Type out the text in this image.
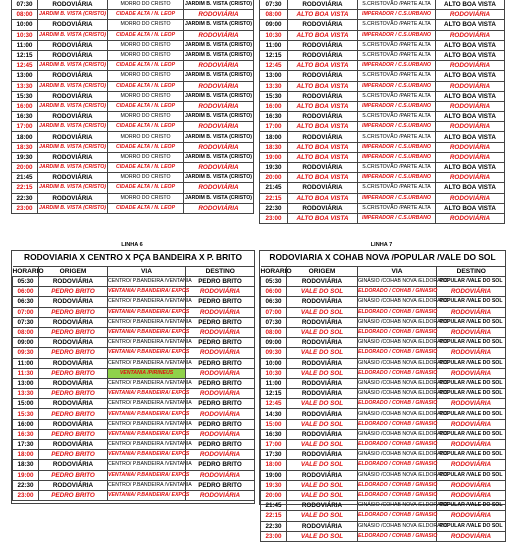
07:30	RODOVIÁRIA	MORRO DO CRISTO	JARDIM B. VISTA (CRISTO)
08:00	JARDIM B. VISTA (CRISTO)	CIDADE ALTA / N. LEOP	RODOVIÁRIA
10:00	RODOVIÁRIA	MORRO DO CRISTO	JARDIM B. VISTA (CRISTO)
10:30	JARDIM B. VISTA (CRISTO)	CIDADE ALTA / N. LEOP	RODOVIÁRIA
11:00	RODOVIÁRIA	MORRO DO CRISTO	JARDIM B. VISTA (CRISTO)
12:15	RODOVIÁRIA	MORRO DO CRISTO	JARDIM B. VISTA (CRISTO)
12:45	JARDIM B. VISTA (CRISTO)	CIDADE ALTA / N. LEOP	RODOVIÁRIA
13:00	RODOVIÁRIA	MORRO DO CRISTO	JARDIM B. VISTA (CRISTO)
13:30	JARDIM B. VISTA (CRISTO)	CIDADE ALTA / N. LEOP	RODOVIÁRIA
15:30	RODOVIÁRIA	MORRO DO CRISTO	JARDIM B. VISTA (CRISTO)
16:00	JARDIM B. VISTA (CRISTO)	CIDADE ALTA / N. LEOP	RODOVIÁRIA
16:30	RODOVIÁRIA	MORRO DO CRISTO	JARDIM B. VISTA (CRISTO)
17:00	JARDIM B. VISTA (CRISTO)	CIDADE ALTA / N. LEOP	RODOVIÁRIA
18:00	RODOVIÁRIA	MORRO DO CRISTO	JARDIM B. VISTA (CRISTO)
18:30	JARDIM B. VISTA (CRISTO)	CIDADE ALTA / N. LEOP	RODOVIÁRIA
19:30	RODOVIÁRIA	MORRO DO CRISTO	JARDIM B. VISTA (CRISTO)
20:00	JARDIM B. VISTA (CRISTO)	CIDADE ALTA / N. LEOP	RODOVIÁRIA
21:45	RODOVIÁRIA	MORRO DO CRISTO	JARDIM B. VISTA (CRISTO)
22:15	JARDIM B. VISTA (CRISTO)	CIDADE ALTA / N. LEOP	RODOVIÁRIA
22:30	RODOVIÁRIA	MORRO DO CRISTO	JARDIM B. VISTA (CRISTO)
23:00	JARDIM B. VISTA (CRISTO)	CIDADE ALTA / N. LEOP	RODOVIÁRIA
07:30	RODOVIÁRIA	S.CRISTOVÃO /PARTE ALTA	ALTO BOA VISTA
08:00	ALTO BOA VISTA	IMPERADOR / C.S.URBANO	RODOVIÁRIA
09:00	RODOVIÁRIA	S.CRISTOVÃO /PARTE ALTA	ALTO BOA VISTA
10:30	ALTO BOA VISTA	IMPERADOR / C.S.URBANO	RODOVIÁRIA
11:00	RODOVIÁRIA	S.CRISTOVÃO /PARTE ALTA	ALTO BOA VISTA
12:15	RODOVIÁRIA	S.CRISTOVÃO /PARTE ALTA	ALTO BOA VISTA
12:45	ALTO BOA VISTA	IMPERADOR / C.S.URBANO	RODOVIÁRIA
13:00	RODOVIÁRIA	S.CRISTOVÃO /PARTE ALTA	ALTO BOA VISTA
13:30	ALTO BOA VISTA	IMPERADOR / C.S.URBANO	RODOVIÁRIA
15:30	RODOVIÁRIA	S.CRISTOVÃO /PARTE ALTA	ALTO BOA VISTA
16:00	ALTO BOA VISTA	IMPERADOR / C.S.URBANO	RODOVIÁRIA
16:30	RODOVIÁRIA	S.CRISTOVÃO /PARTE ALTA	ALTO BOA VISTA
17:00	ALTO BOA VISTA	IMPERADOR / C.S.URBANO	RODOVIÁRIA
18:00	RODOVIÁRIA	S.CRISTOVÃO /PARTE ALTA	ALTO BOA VISTA
18:30	ALTO BOA VISTA	IMPERADOR / C.S.URBANO	RODOVIÁRIA
19:00	ALTO BOA VISTA	IMPERADOR / C.S.URBANO	RODOVIÁRIA
19:30	RODOVIÁRIA	S.CRISTOVÃO /PARTE ALTA	ALTO BOA VISTA
20:00	ALTO BOA VISTA	IMPERADOR / C.S.URBANO	RODOVIÁRIA
21:45	RODOVIÁRIA	S.CRISTOVÃO /PARTE ALTA	ALTO BOA VISTA
22:15	ALTO BOA VISTA	IMPERADOR / C.S.URBANO	RODOVIÁRIA
22:30	RODOVIÁRIA	S.CRISTOVÃO /PARTE ALTA	ALTO BOA VISTA
23:00	ALTO BOA VISTA	IMPERADOR / C.S.URBANO	RODOVIÁRIA
LINHA 6
RODOVIARIA X CENTRO X PÇA BANDEIRA X P. BRITO
HORARIO	ORIGEM	VIA	DESTINO
05:30	RODOVIÁRIA	CENTRO/ P.BANDEIRA /VENTANIA	PEDRO BRITO
06:00	PEDRO BRITO	VENTANIA/ P.BANDEIRA/ EXPOS	RODOVIÁRIA
06:30	RODOVIÁRIA	CENTRO/ P.BANDEIRA /VENTANIA	PEDRO BRITO
07:00	PEDRO BRITO	VENTANIA/ P.BANDEIRA/ EXPOS	RODOVIÁRIA
07:30	RODOVIÁRIA	CENTRO/ P.BANDEIRA /VENTANIA	PEDRO BRITO
08:00	PEDRO BRITO	VENTANIA/ P.BANDEIRA/ EXPOS	RODOVIÁRIA
09:00	RODOVIÁRIA	CENTRO/ P.BANDEIRA /VENTANIA	PEDRO BRITO
09:30	PEDRO BRITO	VENTANIA/ P.BANDEIRA/ EXPOS	RODOVIÁRIA
11:00	RODOVIÁRIA	CENTRO/ P.BANDEIRA /VENTANIA	PEDRO BRITO
11:30	PEDRO BRITO	VENTANIA /PIRINEUS	RODOVIÁRIA
13:00	RODOVIÁRIA	CENTRO/ P.BANDEIRA /VENTANIA	PEDRO BRITO
13:30	PEDRO BRITO	VENTANIA/ P.BANDEIRA/ EXPOS	RODOVIÁRIA
15:00	RODOVIÁRIA	CENTRO/ P.BANDEIRA /VENTANIA	PEDRO BRITO
15:30	PEDRO BRITO	VENTANIA/ P.BANDEIRA/ EXPOS	RODOVIÁRIA
16:00	RODOVIÁRIA	CENTRO/ P.BANDEIRA /VENTANIA	PEDRO BRITO
16:30	PEDRO BRITO	VENTANIA/ P.BANDEIRA/ EXPOS	RODOVIÁRIA
17:30	RODOVIÁRIA	CENTRO/ P.BANDEIRA /VENTANIA	PEDRO BRITO
18:00	PEDRO BRITO	VENTANIA/ P.BANDEIRA/ EXPOS	RODOVIÁRIA
18:30	RODOVIÁRIA	CENTRO/ P.BANDEIRA /VENTANIA	PEDRO BRITO
19:00	PEDRO BRITO	VENTANIA/ P.BANDEIRA/ EXPOS	RODOVIÁRIA
22:30	RODOVIÁRIA	CENTRO/ P.BANDEIRA /VENTANIA	PEDRO BRITO
23:00	PEDRO BRITO	VENTANIA/ P.BANDEIRA/ EXPOS	RODOVIÁRIA
LINHA 7
RODOVIARIA X COHAB NOVA /POPULAR /VALE DO SOL
HORARIO	ORIGEM	VIA	DESTINO
05:30	RODOVIÁRIA	GINÁSIO /COHAB NOVA /ELDORADO	POPULAR /VALE DO SOL
06:00	VALE DO SOL	ELDORADO / COHAB / GINASIO	RODOVIÁRIA
06:30	RODOVIÁRIA	GINÁSIO /COHAB NOVA /ELDORADO	POPULAR /VALE DO SOL
07:00	VALE DO SOL	ELDORADO / COHAB / GINASIO	RODOVIÁRIA
07:30	RODOVIÁRIA	GINÁSIO /COHAB NOVA /ELDORADO	POPULAR /VALE DO SOL
08:00	VALE DO SOL	ELDORADO / COHAB / GINASIO	RODOVIÁRIA
09:00	RODOVIÁRIA	GINÁSIO /COHAB NOVA /ELDORADO	POPULAR /VALE DO SOL
09:30	VALE DO SOL	ELDORADO / COHAB / GINASIO	RODOVIÁRIA
10:00	RODOVIÁRIA	GINÁSIO /COHAB NOVA /ELDORADO	POPULAR /VALE DO SOL
10:30	VALE DO SOL	ELDORADO / COHAB / GINASIO	RODOVIÁRIA
11:00	RODOVIÁRIA	GINÁSIO /COHAB NOVA /ELDORADO	POPULAR /VALE DO SOL
12:15	RODOVIÁRIA	GINÁSIO /COHAB NOVA /ELDORADO	POPULAR /VALE DO SOL
12:45	VALE DO SOL	ELDORADO / COHAB / GINASIO	RODOVIÁRIA
14:30	RODOVIÁRIA	GINÁSIO /COHAB NOVA /ELDORADO	POPULAR /VALE DO SOL
15:00	VALE DO SOL	ELDORADO / COHAB / GINASIO	RODOVIÁRIA
16:30	RODOVIÁRIA	GINÁSIO /COHAB NOVA /ELDORADO	POPULAR /VALE DO SOL
17:00	VALE DO SOL	ELDORADO / COHAB / GINASIO	RODOVIÁRIA
17:30	RODOVIÁRIA	GINÁSIO /COHAB NOVA /ELDORADO	POPULAR /VALE DO SOL
18:00	VALE DO SOL	ELDORADO / COHAB / GINASIO	RODOVIÁRIA
19:00	RODOVIÁRIA	GINÁSIO /COHAB NOVA /ELDORADO	POPULAR /VALE DO SOL
19:30	VALE DO SOL	ELDORADO / COHAB / GINASIO	RODOVIÁRIA
20:00	VALE DO SOL	ELDORADO / COHAB / GINASIO	RODOVIÁRIA
21:45	RODOVIÁRIA	GINÁSIO /COHAB NOVA /ELDORADO	POPULAR /VALE DO SOL
22:15	VALE DO SOL	ELDORADO / COHAB / GINASIO	RODOVIÁRIA
22:30	RODOVIÁRIA	GINÁSIO /COHAB NOVA /ELDORADO	POPULAR /VALE DO SOL
23:00	VALE DO SOL	ELDORADO / COHAB / GINASIO	RODOVIÁRIA
